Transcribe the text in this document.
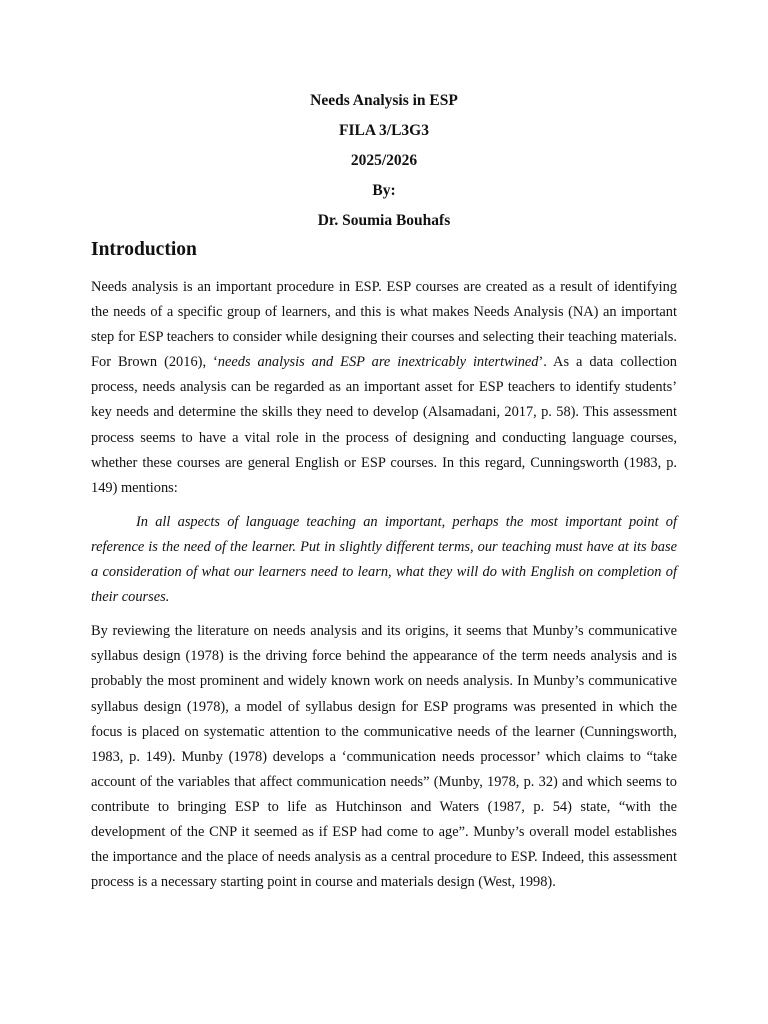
Needs Analysis in ESP
FILA 3/L3G3
2025/2026
By:
Dr. Soumia Bouhafs
Introduction

Needs analysis is an important procedure in ESP. ESP courses are created as a result of identifying the needs of a specific group of learners, and this is what makes Needs Analysis (NA) an important step for ESP teachers to consider while designing their courses and selecting their teaching materials. For Brown (2016), ‘needs analysis and ESP are inextricably intertwined’. As a data collection process, needs analysis can be regarded as an important asset for ESP teachers to identify students’ key needs and determine the skills they need to develop (Alsamadani, 2017, p. 58). This assessment process seems to have a vital role in the process of designing and conducting language courses, whether these courses are general English or ESP courses. In this regard, Cunningsworth (1983, p. 149) mentions:

In all aspects of language teaching an important, perhaps the most important point of reference is the need of the learner. Put in slightly different terms, our teaching must have at its base a consideration of what our learners need to learn, what they will do with English on completion of their courses.

By reviewing the literature on needs analysis and its origins, it seems that Munby’s communicative syllabus design (1978) is the driving force behind the appearance of the term needs analysis and is probably the most prominent and widely known work on needs analysis. In Munby’s communicative syllabus design (1978), a model of syllabus design for ESP programs was presented in which the focus is placed on systematic attention to the communicative needs of the learner (Cunningsworth, 1983, p. 149). Munby (1978) develops a ‘communication needs processor’ which claims to “take account of the variables that affect communication needs” (Munby, 1978, p. 32) and which seems to contribute to bringing ESP to life as Hutchinson and Waters (1987, p. 54) state, “with the development of the CNP it seemed as if ESP had come to age”. Munby’s overall model establishes the importance and the place of needs analysis as a central procedure to ESP. Indeed, this assessment process is a necessary starting point in course and materials design (West, 1998).
